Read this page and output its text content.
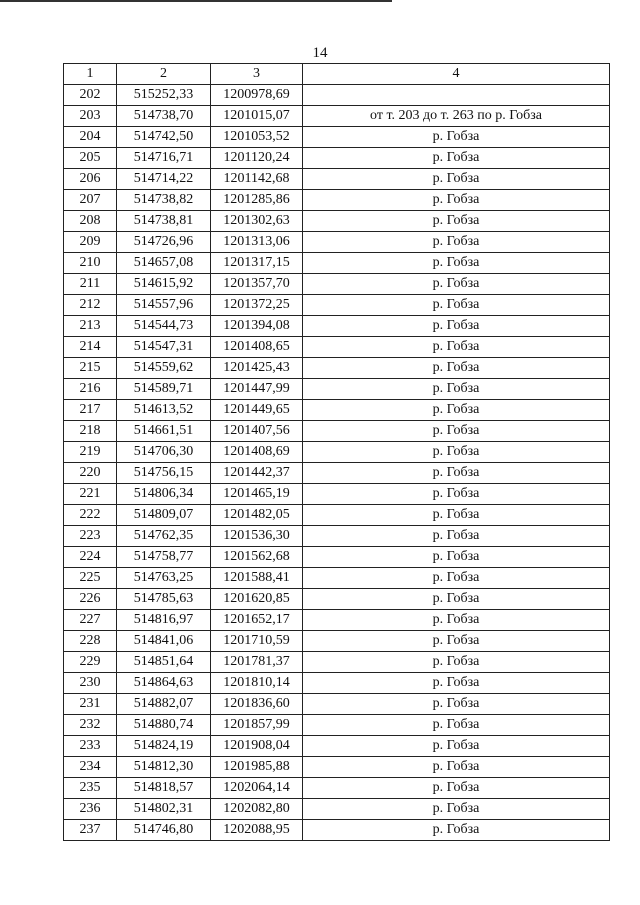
14
1	2	3	4
202	515252,33	1200978,69	
203	514738,70	1201015,07	от т. 203 до т. 263 по р. Гобза
204	514742,50	1201053,52	р. Гобза
205	514716,71	1201120,24	р. Гобза
206	514714,22	1201142,68	р. Гобза
207	514738,82	1201285,86	р. Гобза
208	514738,81	1201302,63	р. Гобза
209	514726,96	1201313,06	р. Гобза
210	514657,08	1201317,15	р. Гобза
211	514615,92	1201357,70	р. Гобза
212	514557,96	1201372,25	р. Гобза
213	514544,73	1201394,08	р. Гобза
214	514547,31	1201408,65	р. Гобза
215	514559,62	1201425,43	р. Гобза
216	514589,71	1201447,99	р. Гобза
217	514613,52	1201449,65	р. Гобза
218	514661,51	1201407,56	р. Гобза
219	514706,30	1201408,69	р. Гобза
220	514756,15	1201442,37	р. Гобза
221	514806,34	1201465,19	р. Гобза
222	514809,07	1201482,05	р. Гобза
223	514762,35	1201536,30	р. Гобза
224	514758,77	1201562,68	р. Гобза
225	514763,25	1201588,41	р. Гобза
226	514785,63	1201620,85	р. Гобза
227	514816,97	1201652,17	р. Гобза
228	514841,06	1201710,59	р. Гобза
229	514851,64	1201781,37	р. Гобза
230	514864,63	1201810,14	р. Гобза
231	514882,07	1201836,60	р. Гобза
232	514880,74	1201857,99	р. Гобза
233	514824,19	1201908,04	р. Гобза
234	514812,30	1201985,88	р. Гобза
235	514818,57	1202064,14	р. Гобза
236	514802,31	1202082,80	р. Гобза
237	514746,80	1202088,95	р. Гобза
